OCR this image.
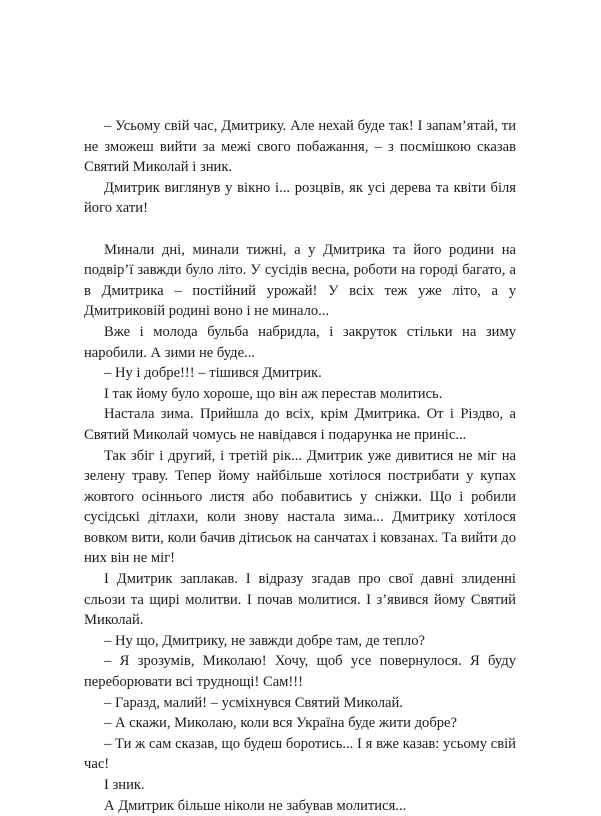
– Усьому свій час, Дмитрику. Але нехай буде так! І запам’ятай, ти не зможеш вийти за межі свого побажання, – з посмішкою сказав Святий Миколай і зник.

Дмитрик виглянув у вікно і... розцвів, як усі дерева та квіти біля його хати!

Минали дні, минали тижні, а у Дмитрика та його родини на подвір’ї завжди було літо. У сусідів весна, роботи на городі багато, а в Дмитрика – постійний урожай! У всіх теж уже літо, а у Дмитриковій родині воно і не минало...

Вже і молода бульба набридла, і закруток стільки на зиму наробили. А зими не буде...

– Ну і добре!!! – тішився Дмитрик.

І так йому було хороше, що він аж перестав молитись.

Настала зима. Прийшла до всіх, крім Дмитрика. От і Різдво, а Святий Миколай чомусь не навідався і подарунка не приніс...

Так збіг і другий, і третій рік... Дмитрик уже дивитися не міг на зелену траву. Тепер йому найбільше хотілося пострибати у купах жовтого осіннього листя або побавитись у сніжки. Що і робили сусідські дітлахи, коли знову настала зима... Дмитрику хотілося вовком вити, коли бачив дітисьок на санчатах і ковзанах. Та вийти до них він не міг!

І Дмитрик заплакав. І відразу згадав про свої давні злиденні сльози та щирі молитви. І почав молитися. І з’явився йому Святий Миколай.

– Ну що, Дмитрику, не завжди добре там, де тепло?

– Я зрозумів, Миколаю! Хочу, щоб усе повернулося. Я буду переборювати всі труднощі! Сам!!!

– Гаразд, малий! – усміхнувся Святий Миколай.

– А скажи, Миколаю, коли вся Україна буде жити добре?

– Ти ж сам сказав, що будеш боротись... І я вже казав: усьому свій час!

І зник.

А Дмитрик більше ніколи не забував молитися...
